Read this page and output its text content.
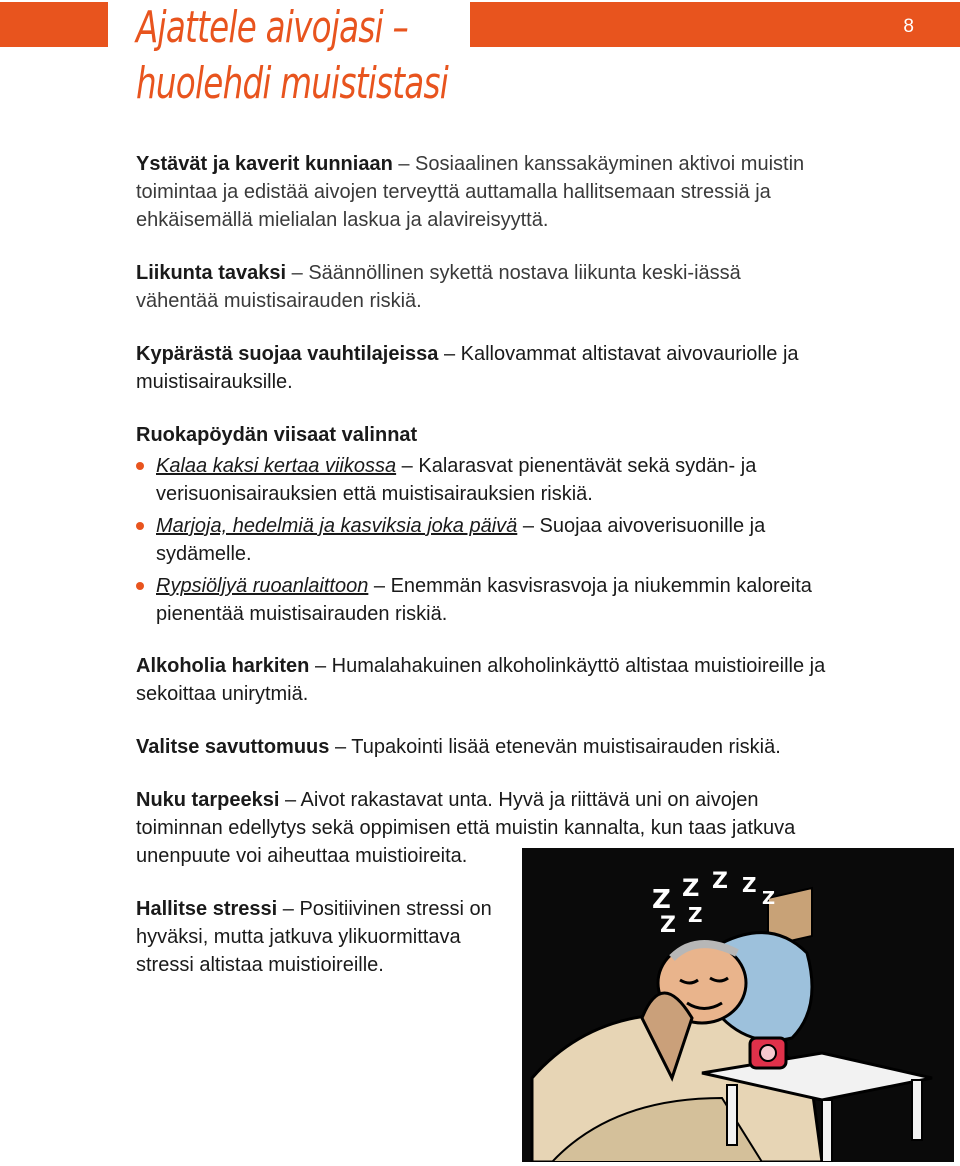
8
Ajattele aivojasi –
huolehdi muististasi

Ystävät ja kaverit kunniaan – Sosiaalinen kanssakäyminen aktivoi muistin toimintaa ja edistää aivojen terveyttä auttamalla hallitsemaan stressiä ja ehkäisemällä mielialan laskua ja alavireisyyttä.

Liikunta tavaksi – Säännöllinen sykettä nostava liikunta keski-iässä vähentää muistisairauden riskiä.

Kypärästä suojaa vauhtilajeissa – Kallovammat altistavat aivovauriolle ja muistisairauksille.

Ruokapöydän viisaat valinnat

Kalaa kaksi kertaa viikossa – Kalarasvat pienentävät sekä sydän- ja verisuonisairauksien että muistisairauksien riskiä.
Marjoja, hedelmiä ja kasviksia joka päivä – Suojaa aivoverisuonille ja sydämelle.
Rypsiöljyä ruoanlaittoon – Enemmän kasvisrasvoja ja niukemmin kaloreita pienentää muistisairauden riskiä.

Alkoholia harkiten – Humalahakuinen alkoholinkäyttö altistaa muistioireille ja sekoittaa unirytmiä.

Valitse savuttomuus – Tupakointi lisää etenevän muistisairauden riskiä.

Nuku tarpeeksi – Aivot rakastavat unta. Hyvä ja riittävä uni on aivojen toiminnan edellytys sekä oppimisen että muistin kannalta, kun taas jatkuva unenpuute voi aiheuttaa muistioireita.

Hallitse stressi – Positiivinen stressi on hyväksi, mutta jatkuva ylikuormittava stressi altistaa muistioireille.

Z Z Z Z
Z Z
Z
